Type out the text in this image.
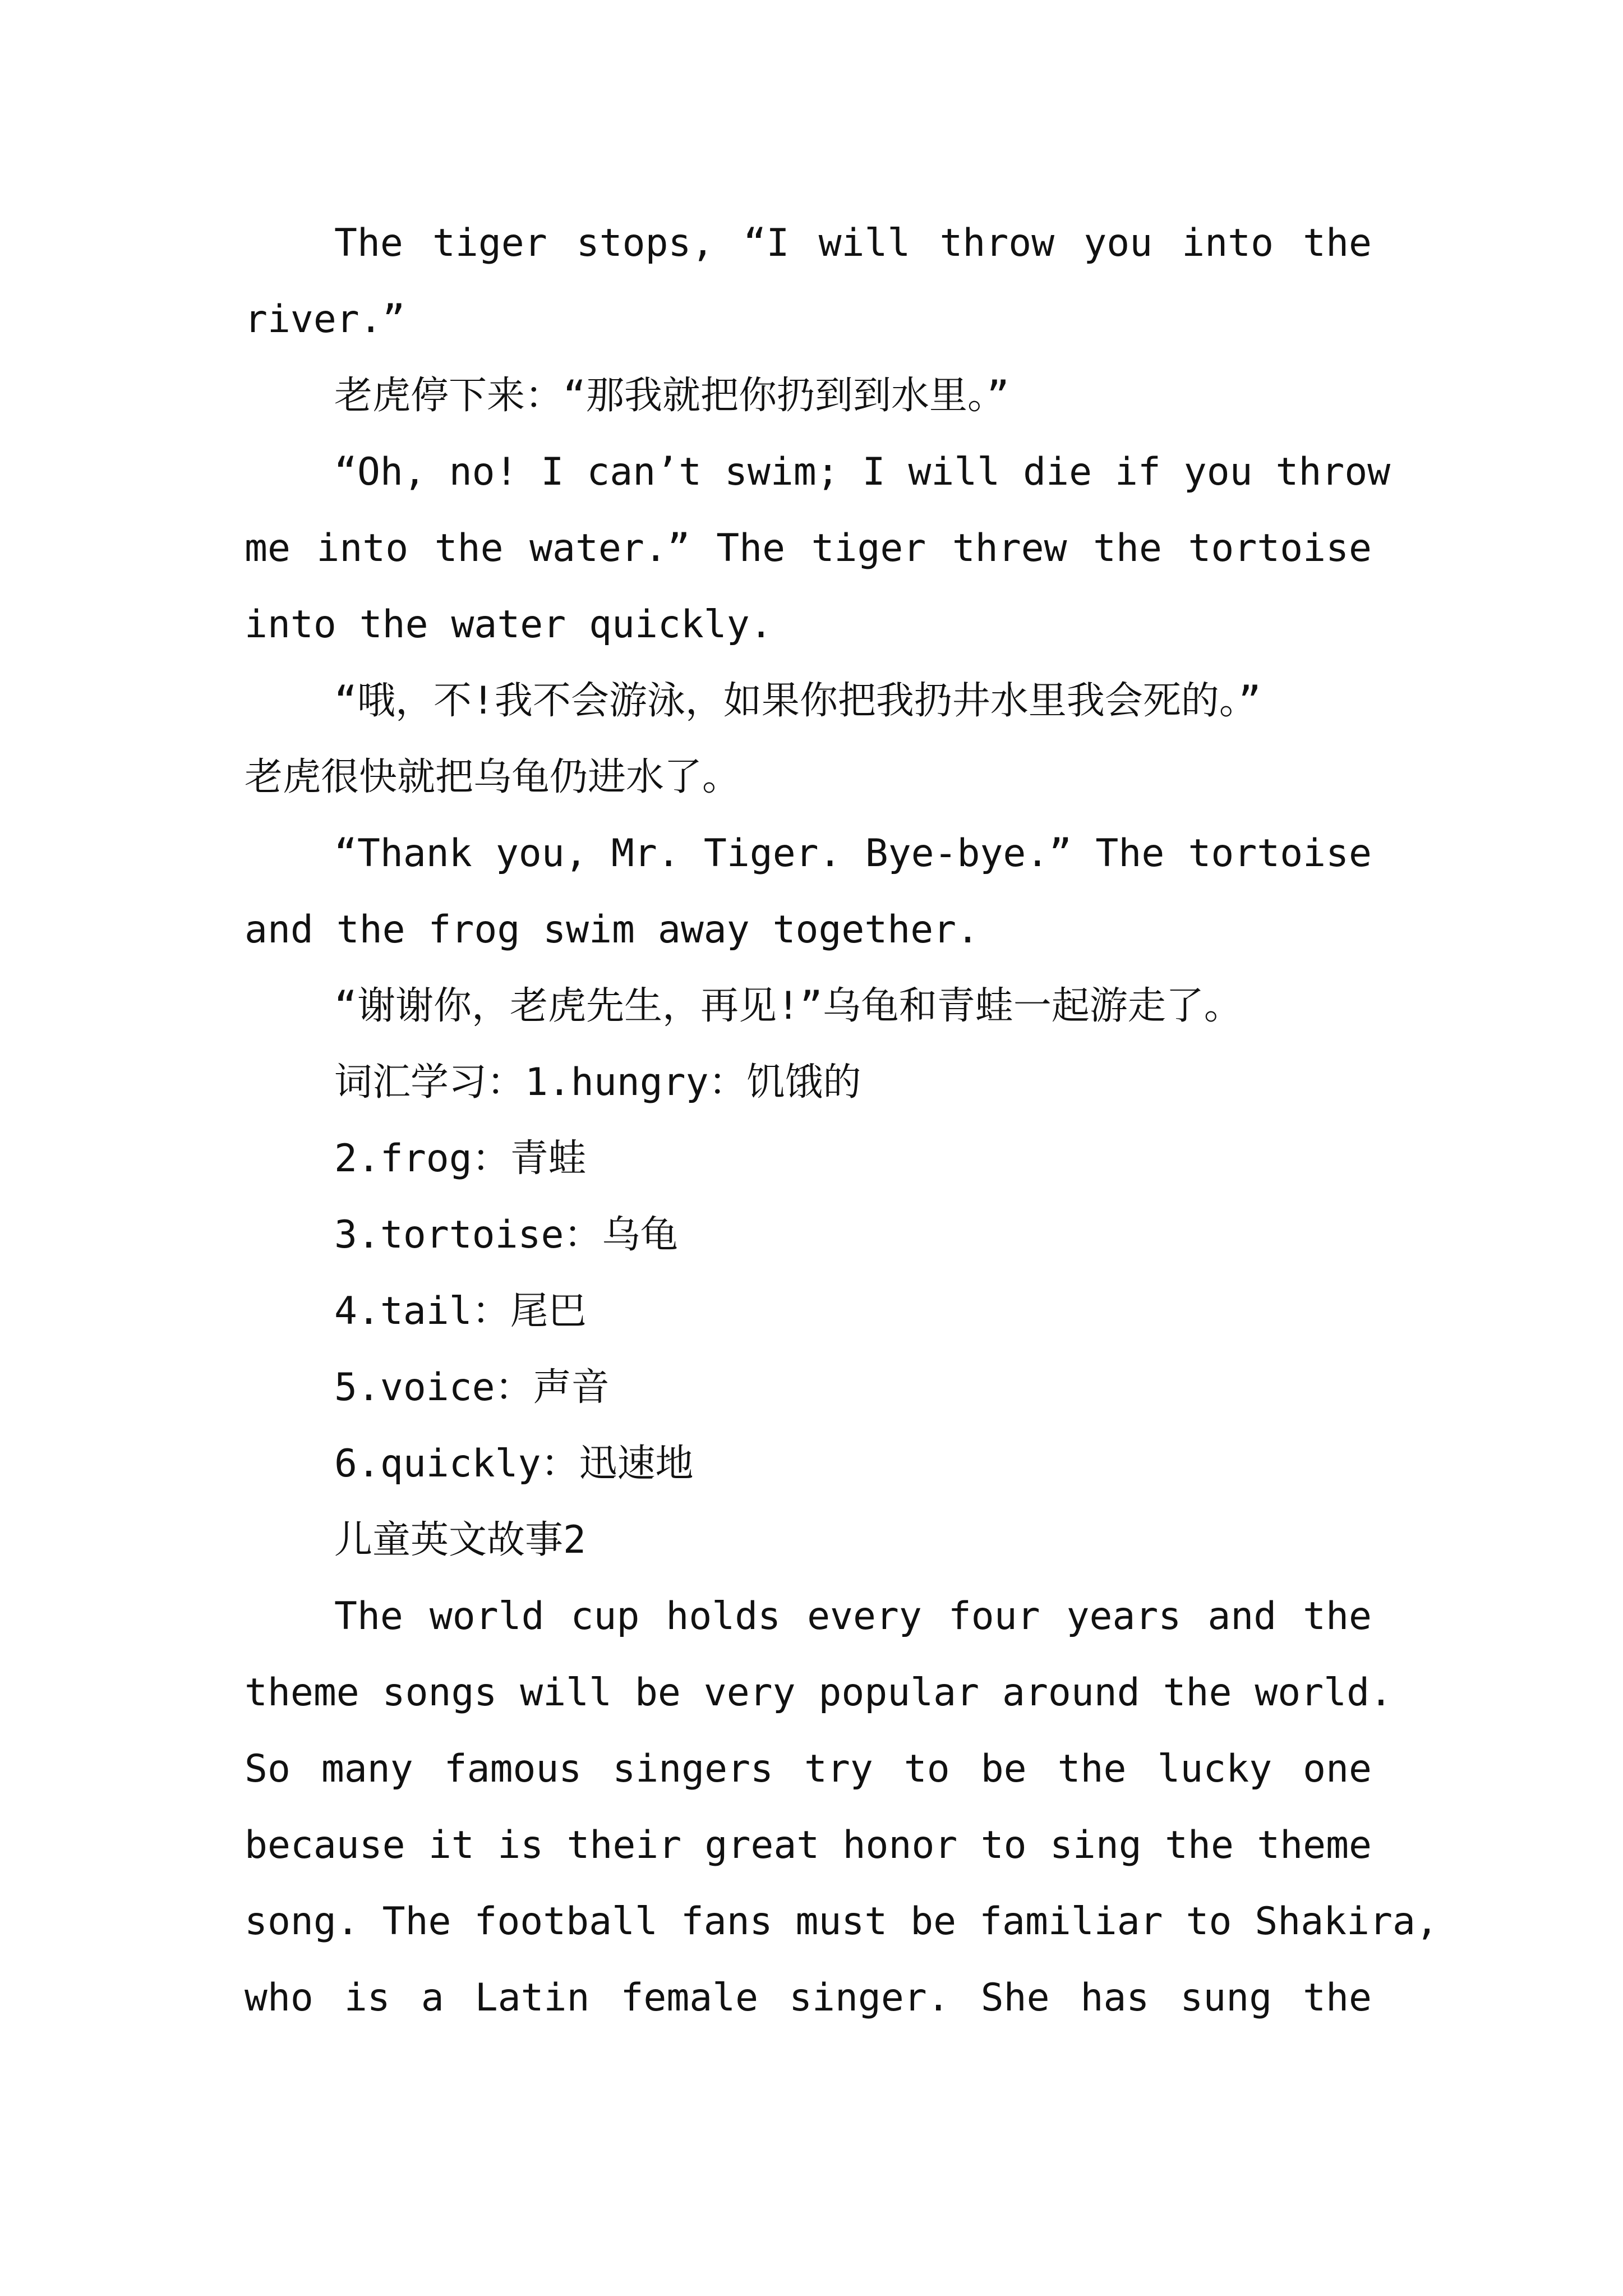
The tiger stops, “I will throw you into the
river.”
老虎停下来：“那我就把你扔到到水里。”
“Oh, no! I can’t swim; I will die if you throw
me into the water.” The tiger threw the tortoise
into the water quickly.
“哦，不!我不会游泳，如果你把我扔井水里我会死的。”
老虎很快就把乌龟仍进水了。
“Thank you, Mr. Tiger. Bye-bye.” The tortoise
and the frog swim away together.
“谢谢你，老虎先生，再见!”乌龟和青蛙一起游走了。
词汇学习：1.hungry：饥饿的
2.frog：青蛙
3.tortoise：乌龟
4.tail：尾巴
5.voice：声音
6.quickly：迅速地
儿童英文故事2
The world cup holds every four years and the
theme songs will be very popular around the world.
So many famous singers try to be the lucky one
because it is their great honor to sing the theme
song. The football fans must be familiar to Shakira,
who is a Latin female singer. She has sung the
